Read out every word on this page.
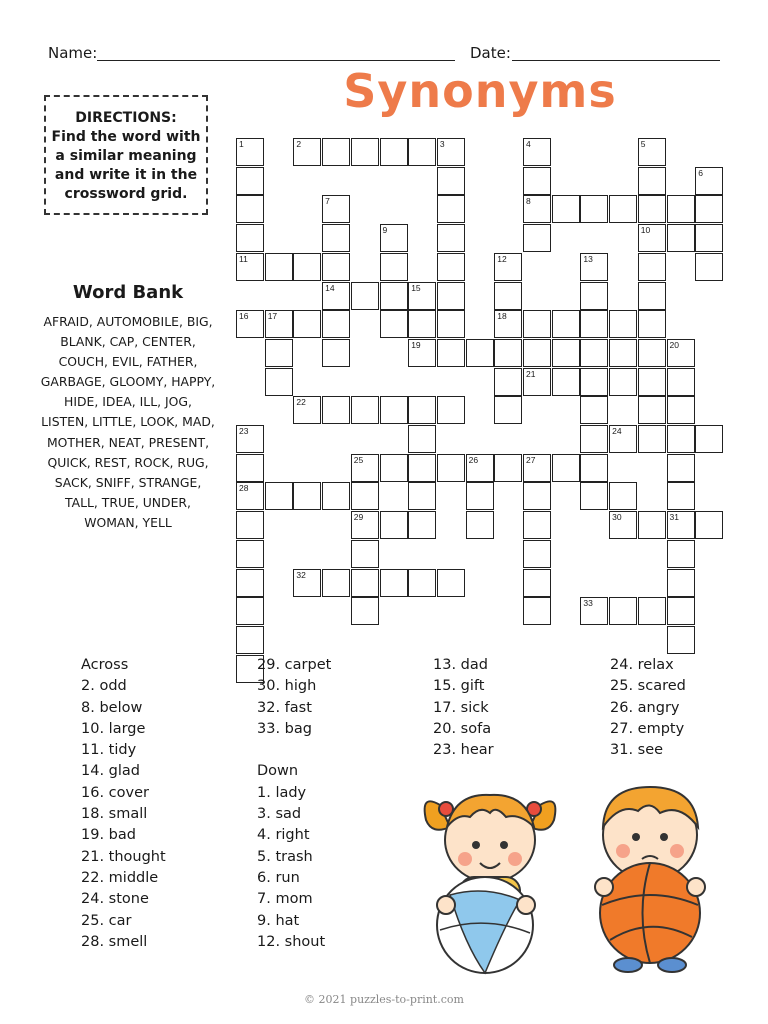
Name:	Date:
Synonyms
DIRECTIONS:
Find the word with a similar meaning and write it in the crossword grid.
Word Bank
AFRAID, AUTOMOBILE, BIG, BLANK, CAP, CENTER, COUCH, EVIL, FATHER, GARBAGE, GLOOMY, HAPPY, HIDE, IDEA, ILL, JOG, LISTEN, LITTLE, LOOK, MAD, MOTHER, NEAT, PRESENT, QUICK, REST, ROCK, RUG, SACK, SNIFF, STRANGE, TALL, TRUE, UNDER, WOMAN, YELL
2	3
1
11
4
8
5
10
6
7
14
9
12
18
13
15
19
16 17
20
21
22
23
28
24
25	26	27
29	30	31
32
33
Across
2. odd
8. below
10. large
11. tidy
14. glad
16. cover
18. small
19. bad
21. thought
22. middle
24. stone
25. car
28. smell
29. carpet
30. high
32. fast
33. bag
Down
1. lady
3. sad
4. right
5. trash
6. run
7. mom
9. hat
12. shout
13. dad
15. gift
17. sick
20. sofa
23. hear
24. relax
25. scared
26. angry
27. empty
31. see
© 2021 puzzles-to-print.com
